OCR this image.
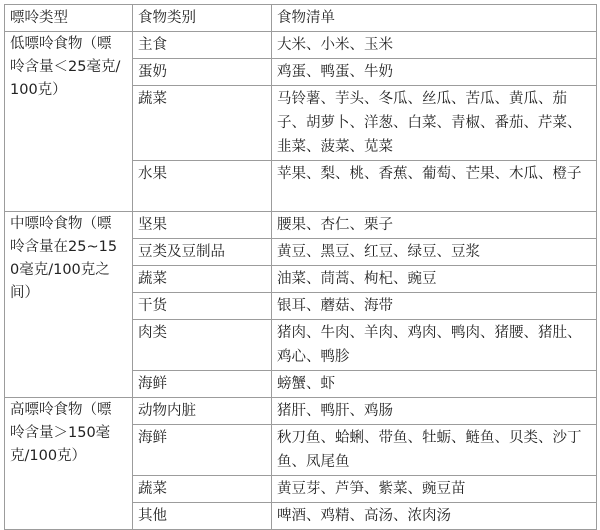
嘌呤类型	食物类别	食物清单
低嘌呤食物（嘌呤含量＜25毫克/100克）	主食	大米、小米、玉米
	蛋奶	鸡蛋、鸭蛋、牛奶
	蔬菜	马铃薯、芋头、冬瓜、丝瓜、苦瓜、黄瓜、茄子、胡萝卜、洋葱、白菜、青椒、番茄、芹菜、韭菜、菠菜、苋菜
	水果	苹果、梨、桃、香蕉、葡萄、芒果、木瓜、橙子
中嘌呤食物（嘌呤含量在25~150毫克/100克之间）	坚果	腰果、杏仁、栗子
	豆类及豆制品	黄豆、黑豆、红豆、绿豆、豆浆
	蔬菜	油菜、茼蒿、枸杞、豌豆
	干货	银耳、蘑菇、海带
	肉类	猪肉、牛肉、羊肉、鸡肉、鸭肉、猪腰、猪肚、鸡心、鸭胗
	海鲜	螃蟹、虾
高嘌呤食物（嘌呤含量＞150毫克/100克）	动物内脏	猪肝、鸭肝、鸡肠
	海鲜	秋刀鱼、蛤蜊、带鱼、牡蛎、鲢鱼、贝类、沙丁鱼、凤尾鱼
	蔬菜	黄豆芽、芦笋、紫菜、豌豆苗
	其他	啤酒、鸡精、高汤、浓肉汤
